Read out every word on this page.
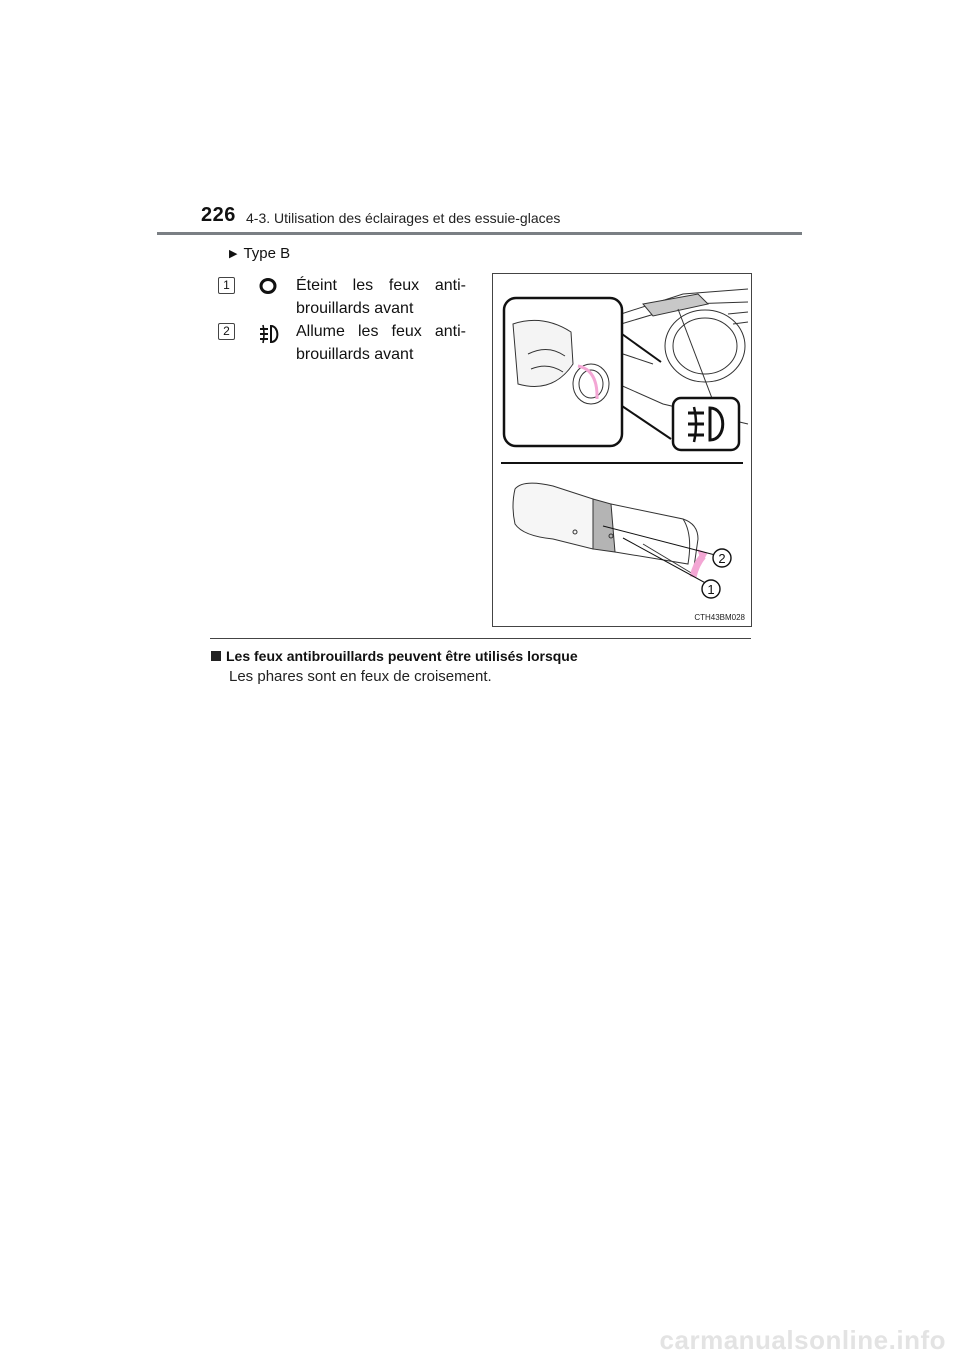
226 4-3. Utilisation des éclairages et des essuie-glaces
▶ Type B
1	Éteint les feux anti-brouillards avant
2	Allume les feux anti-brouillards avant
2
1
CTH43BM028
Les feux antibrouillards peuvent être utilisés lorsque
Les phares sont en feux de croisement.
carmanualsonline.info
